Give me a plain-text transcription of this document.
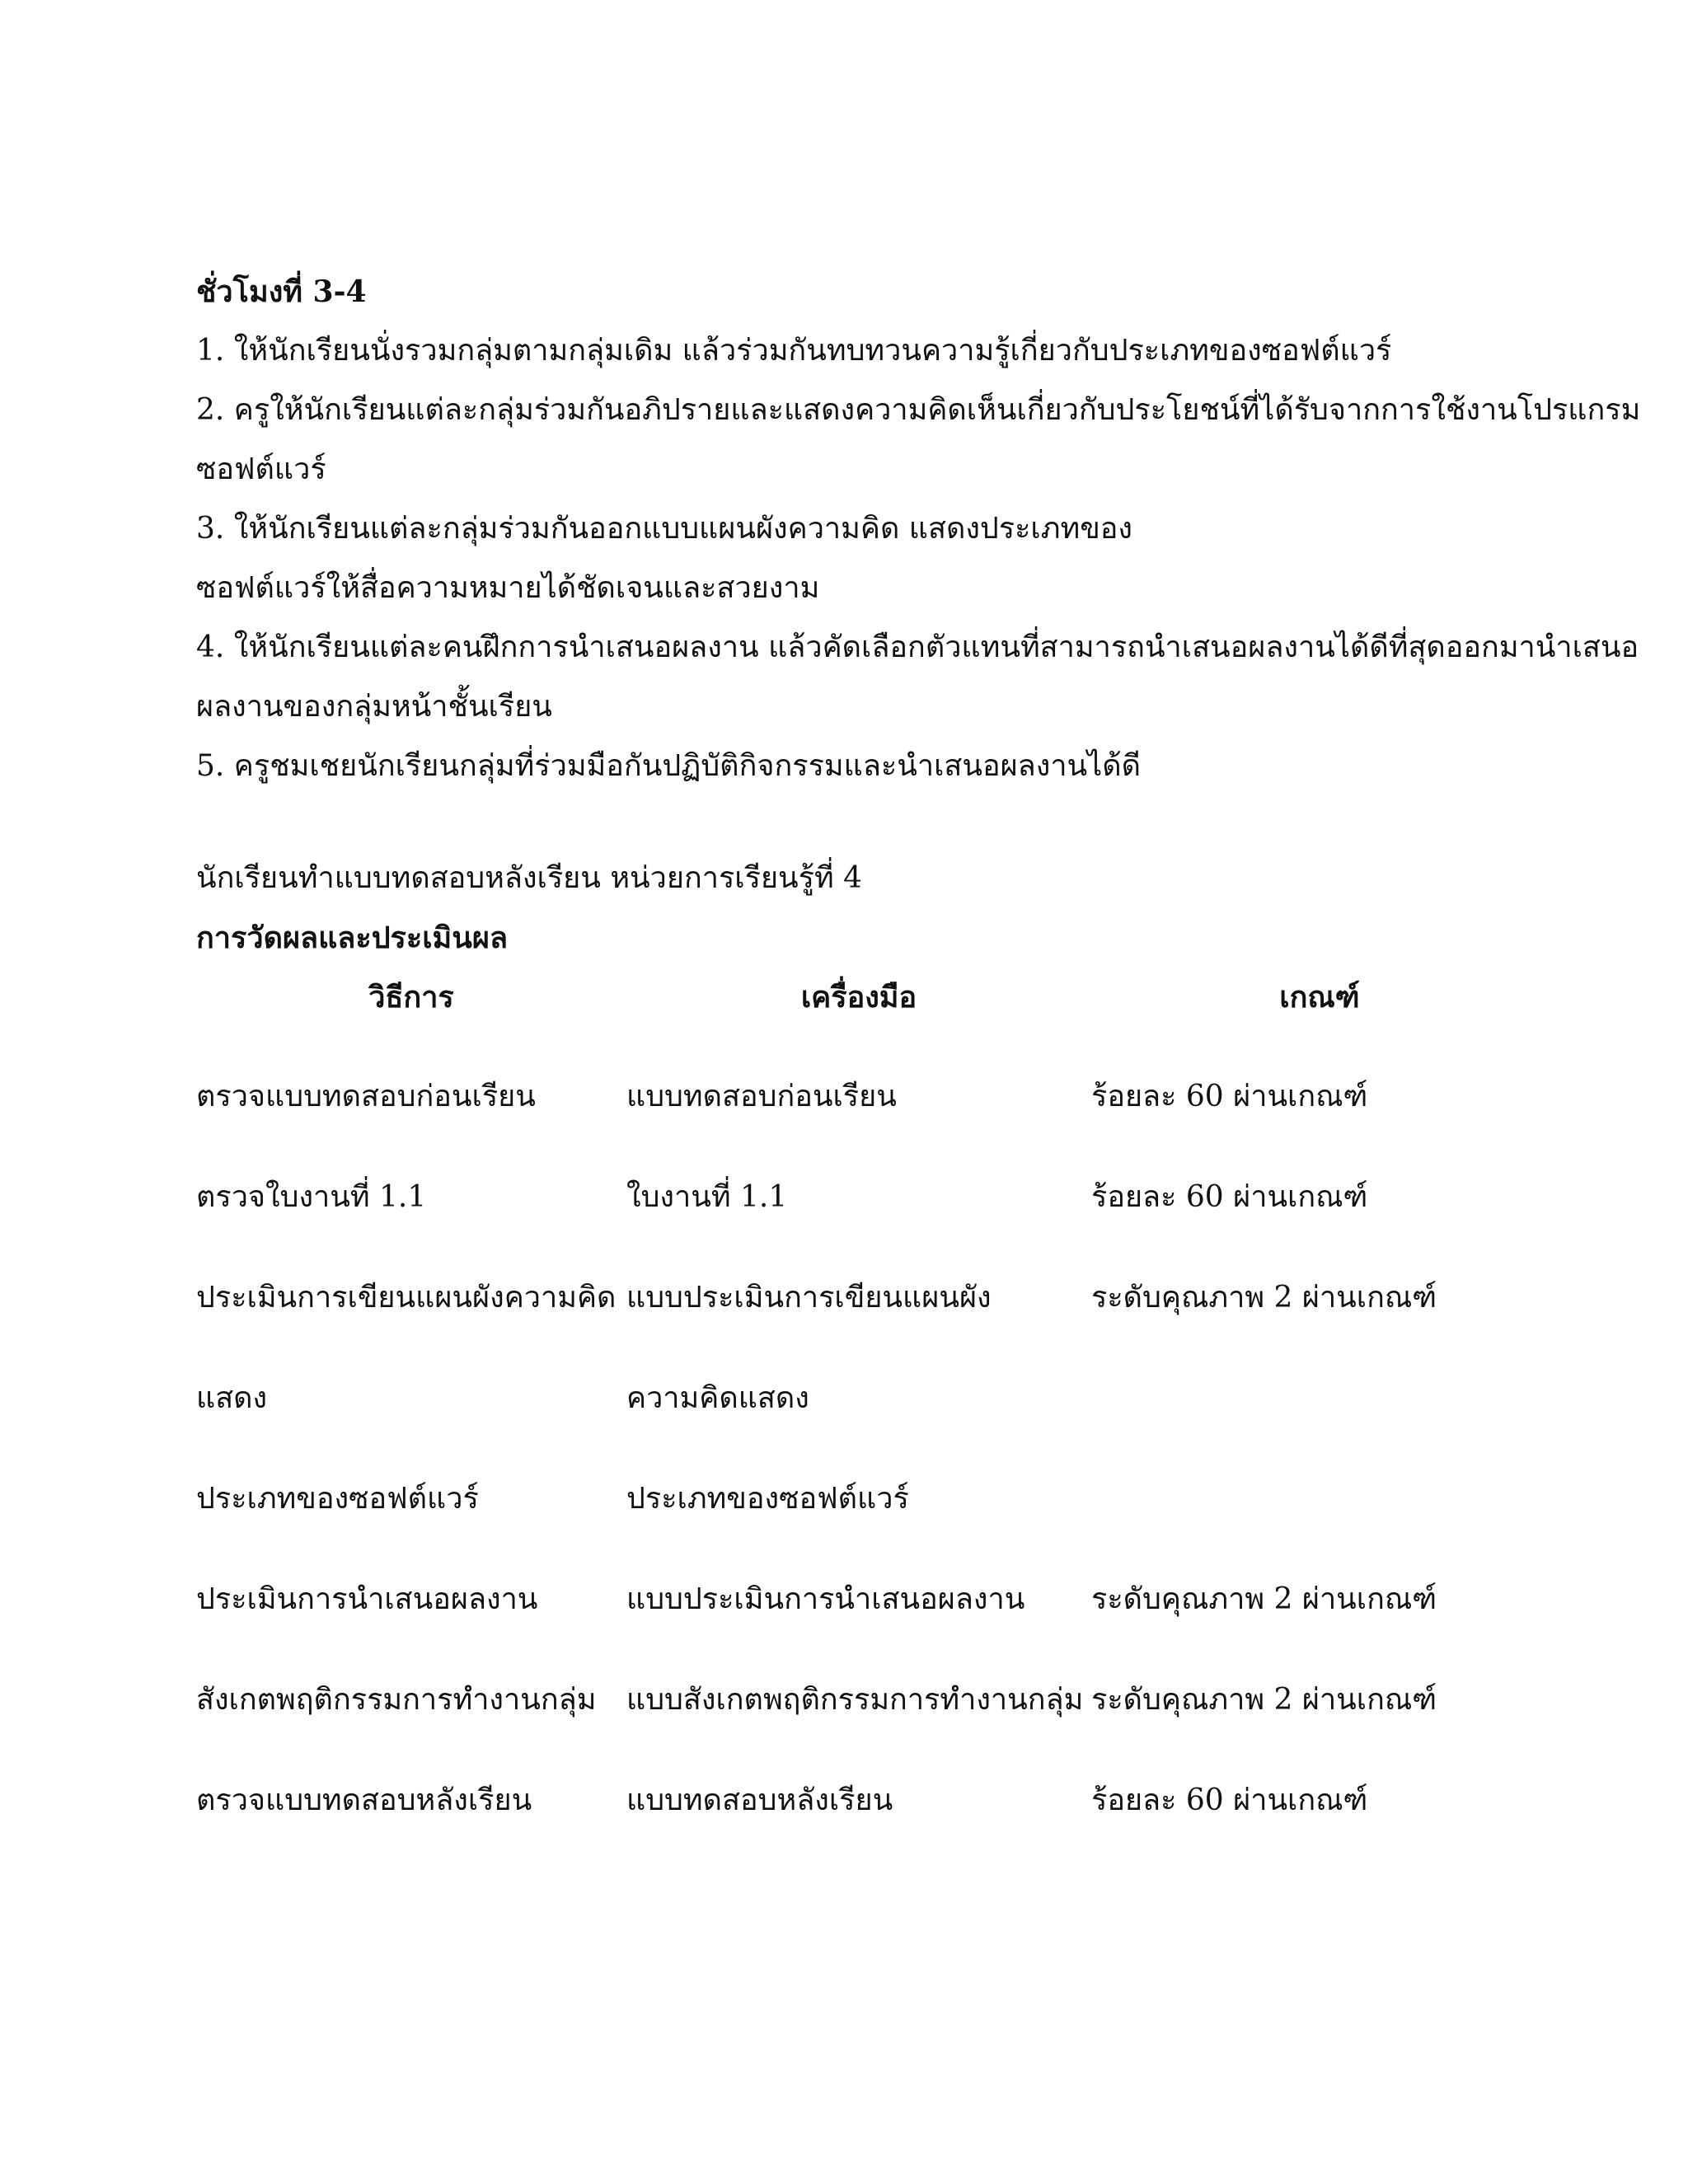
ชั่วโมงที่ 3-4
1. ให้นักเรียนนั่งรวมกลุ่มตามกลุ่มเดิม แล้วร่วมกันทบทวนความรู้เกี่ยวกับประเภทของซอฟต์แวร์
2. ครูให้นักเรียนแต่ละกลุ่มร่วมกันอภิปรายและแสดงความคิดเห็นเกี่ยวกับประโยชน์ที่ได้รับจากการใช้งานโปรแกรม
ซอฟต์แวร์
3. ให้นักเรียนแต่ละกลุ่มร่วมกันออกแบบแผนผังความคิด แสดงประเภทของ
ซอฟต์แวร์ให้สื่อความหมายได้ชัดเจนและสวยงาม
4. ให้นักเรียนแต่ละคนฝึกการนำเสนอผลงาน แล้วคัดเลือกตัวแทนที่สามารถนำเสนอผลงานได้ดีที่สุดออกมานำเสนอ
ผลงานของกลุ่มหน้าชั้นเรียน
5. ครูชมเชยนักเรียนกลุ่มที่ร่วมมือกันปฏิบัติกิจกรรมและนำเสนอผลงานได้ดี
นักเรียนทำแบบทดสอบหลังเรียน หน่วยการเรียนรู้ที่ 4
การวัดผลและประเมินผล
วิธีการ	เครื่องมือ	เกณฑ์

ตรวจแบบทดสอบก่อนเรียน	แบบทดสอบก่อนเรียน	ร้อยละ 60 ผ่านเกณฑ์
ตรวจใบงานที่ 1.1	ใบงานที่ 1.1	ร้อยละ 60 ผ่านเกณฑ์
ประเมินการเขียนแผนผังความคิด	แบบประเมินการเขียนแผนผัง	ระดับคุณภาพ 2 ผ่านเกณฑ์
แสดง	ความคิดแสดง	
ประเภทของซอฟต์แวร์	ประเภทของซอฟต์แวร์	
ประเมินการนำเสนอผลงาน	แบบประเมินการนำเสนอผลงาน	ระดับคุณภาพ 2 ผ่านเกณฑ์
สังเกตพฤติกรรมการทำงานกลุ่ม	แบบสังเกตพฤติกรรมการทำงานกลุ่ม	ระดับคุณภาพ 2 ผ่านเกณฑ์
ตรวจแบบทดสอบหลังเรียน	แบบทดสอบหลังเรียน	ร้อยละ 60 ผ่านเกณฑ์
